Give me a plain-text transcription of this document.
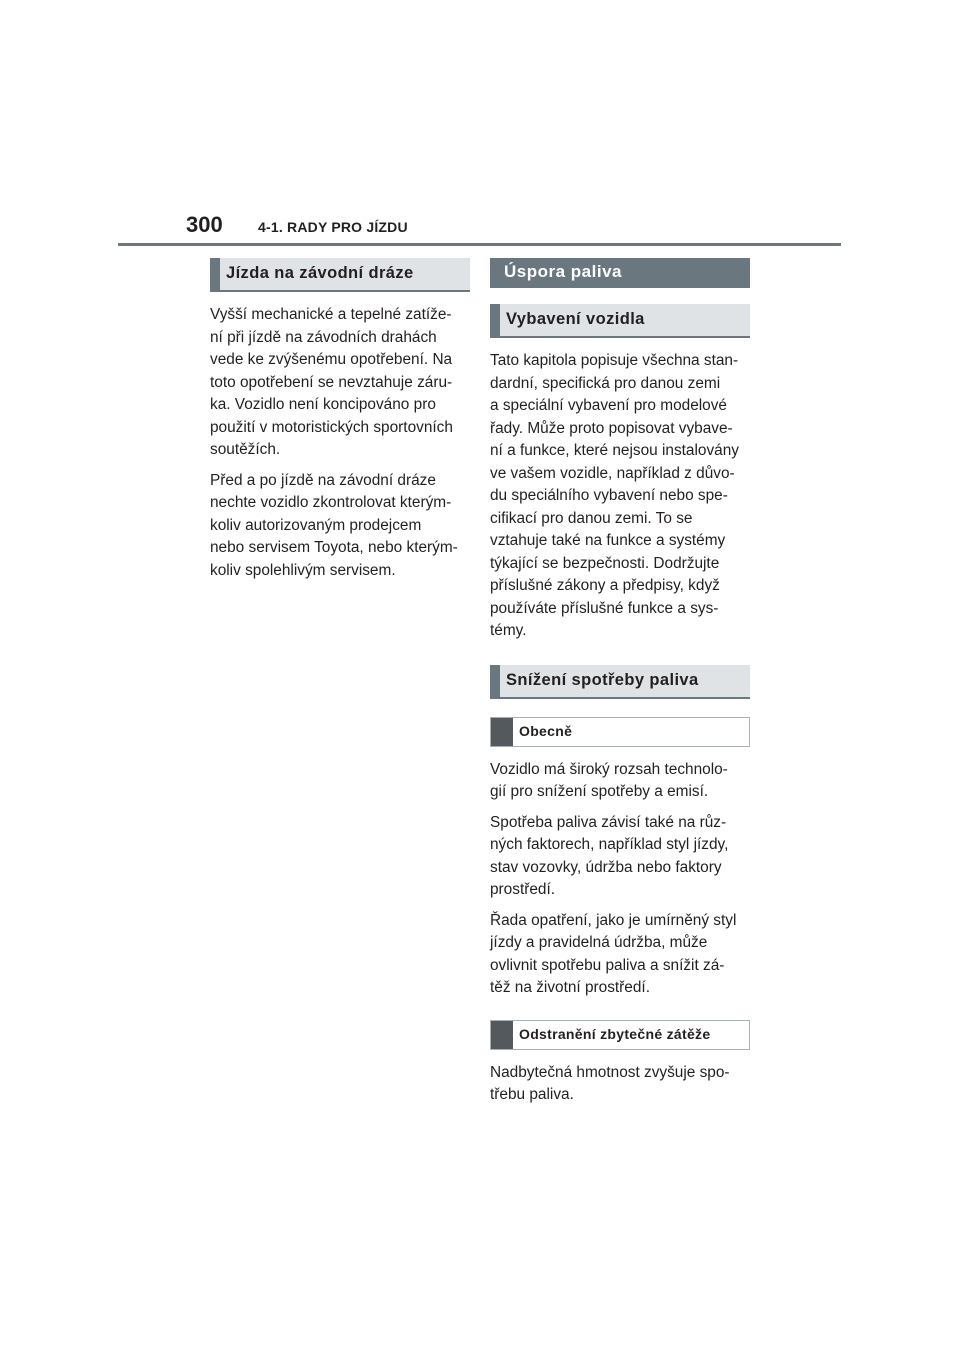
300	4-1. RADY PRO JÍZDU
Jízda na závodní dráze

Vyšší mechanické a tepelné zatíže-
ní při jízdě na závodních drahách
vede ke zvýšenému opotřebení. Na
toto opotřebení se nevztahuje záru-
ka. Vozidlo není koncipováno pro
použití v motoristických sportovních
soutěžích.

Před a po jízdě na závodní dráze
nechte vozidlo zkontrolovat kterým-
koliv autorizovaným prodejcem
nebo servisem Toyota, nebo kterým-
koliv spolehlivým servisem.

Úspora paliva
Vybavení vozidla

Tato kapitola popisuje všechna stan-
dardní, specifická pro danou zemi
a speciální vybavení pro modelové
řady. Může proto popisovat vybave-
ní a funkce, které nejsou instalovány
ve vašem vozidle, například z důvo-
du speciálního vybavení nebo spe-
cifikací pro danou zemi. To se
vztahuje také na funkce a systémy
týkající se bezpečnosti. Dodržujte
příslušné zákony a předpisy, když
používáte příslušné funkce a sys-
témy.

Snížení spotřeby paliva
Obecně

Vozidlo má široký rozsah technolo-
gií pro snížení spotřeby a emisí.

Spotřeba paliva závisí také na růz-
ných faktorech, například styl jízdy,
stav vozovky, údržba nebo faktory
prostředí.

Řada opatření, jako je umírněný styl
jízdy a pravidelná údržba, může
ovlivnit spotřebu paliva a snížit zá-
těž na životní prostředí.

Odstranění zbytečné zátěže

Nadbytečná hmotnost zvyšuje spo-
třebu paliva.
